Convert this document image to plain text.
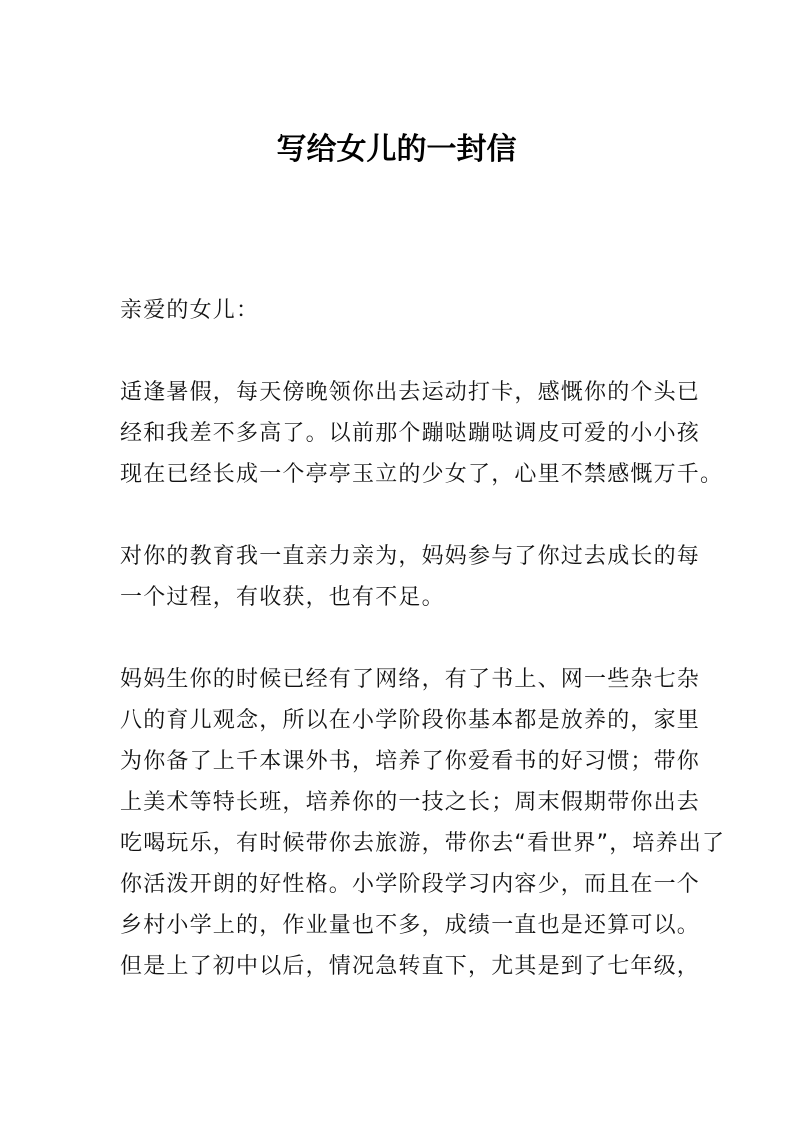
写给女儿的一封信
亲爱的女儿：
适逢暑假，每天傍晚领你出去运动打卡，感慨你的个头已
经和我差不多高了。以前那个蹦哒蹦哒调皮可爱的小小孩
现在已经长成一个亭亭玉立的少女了，心里不禁感慨万千。
对你的教育我一直亲力亲为，妈妈参与了你过去成长的每
一个过程，有收获，也有不足。
妈妈生你的时候已经有了网络，有了书上、网一些杂七杂
八的育儿观念，所以在小学阶段你基本都是放养的，家里
为你备了上千本课外书，培养了你爱看书的好习惯；带你
上美术等特长班，培养你的一技之长；周末假期带你出去
吃喝玩乐，有时候带你去旅游，带你去“看世界”，培养出了
你活泼开朗的好性格。小学阶段学习内容少，而且在一个
乡村小学上的，作业量也不多，成绩一直也是还算可以。
但是上了初中以后，情况急转直下，尤其是到了七年级，
